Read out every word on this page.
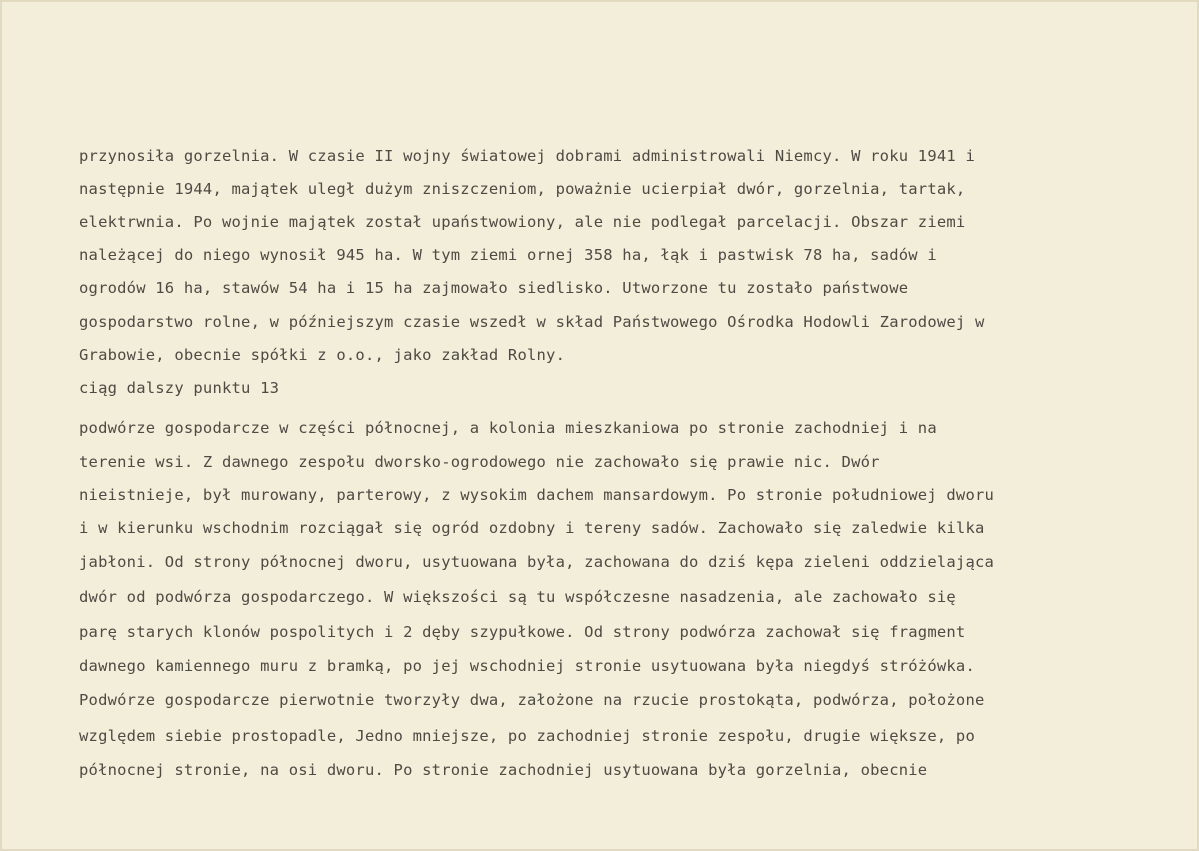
przynosiła gorzelnia. W czasie II wojny światowej dobrami administrowali Niemcy. W roku 1941 i
następnie 1944, majątek uległ dużym zniszczeniom, poważnie ucierpiał dwór, gorzelnia, tartak,
elektrwnia. Po wojnie majątek został upaństwowiony, ale nie podlegał parcelacji. Obszar ziemi
należącej do niego wynosił 945 ha. W tym ziemi ornej 358 ha, łąk i pastwisk 78 ha, sadów i
ogrodów 16 ha, stawów 54 ha i 15 ha zajmowało siedlisko. Utworzone tu zostało państwowe
gospodarstwo rolne, w późniejszym czasie wszedł w skład Państwowego Ośrodka Hodowli Zarodowej w
Grabowie, obecnie spółki z o.o., jako zakład Rolny.
ciąg dalszy punktu 13
podwórze gospodarcze w części północnej, a kolonia mieszkaniowa po stronie zachodniej i na
terenie wsi. Z dawnego zespołu dworsko-ogrodowego nie zachowało się prawie nic. Dwór
nieistnieje, był murowany, parterowy, z wysokim dachem mansardowym. Po stronie południowej dworu
i w kierunku wschodnim rozciągał się ogród ozdobny i tereny sadów. Zachowało się zaledwie kilka
jabłoni. Od strony północnej dworu, usytuowana była, zachowana do dziś kępa zieleni oddzielająca
dwór od podwórza gospodarczego. W większości są tu współczesne nasadzenia, ale zachowało się
parę starych klonów pospolitych i 2 dęby szypułkowe. Od strony podwórza zachował się fragment
dawnego kamiennego muru z bramką, po jej wschodniej stronie usytuowana była niegdyś stróżówka.
Podwórze gospodarcze pierwotnie tworzyły dwa, założone na rzucie prostokąta, podwórza, położone
względem siebie prostopadle, Jedno mniejsze, po zachodniej stronie zespołu, drugie większe, po
północnej stronie, na osi dworu. Po stronie zachodniej usytuowana była gorzelnia, obecnie
